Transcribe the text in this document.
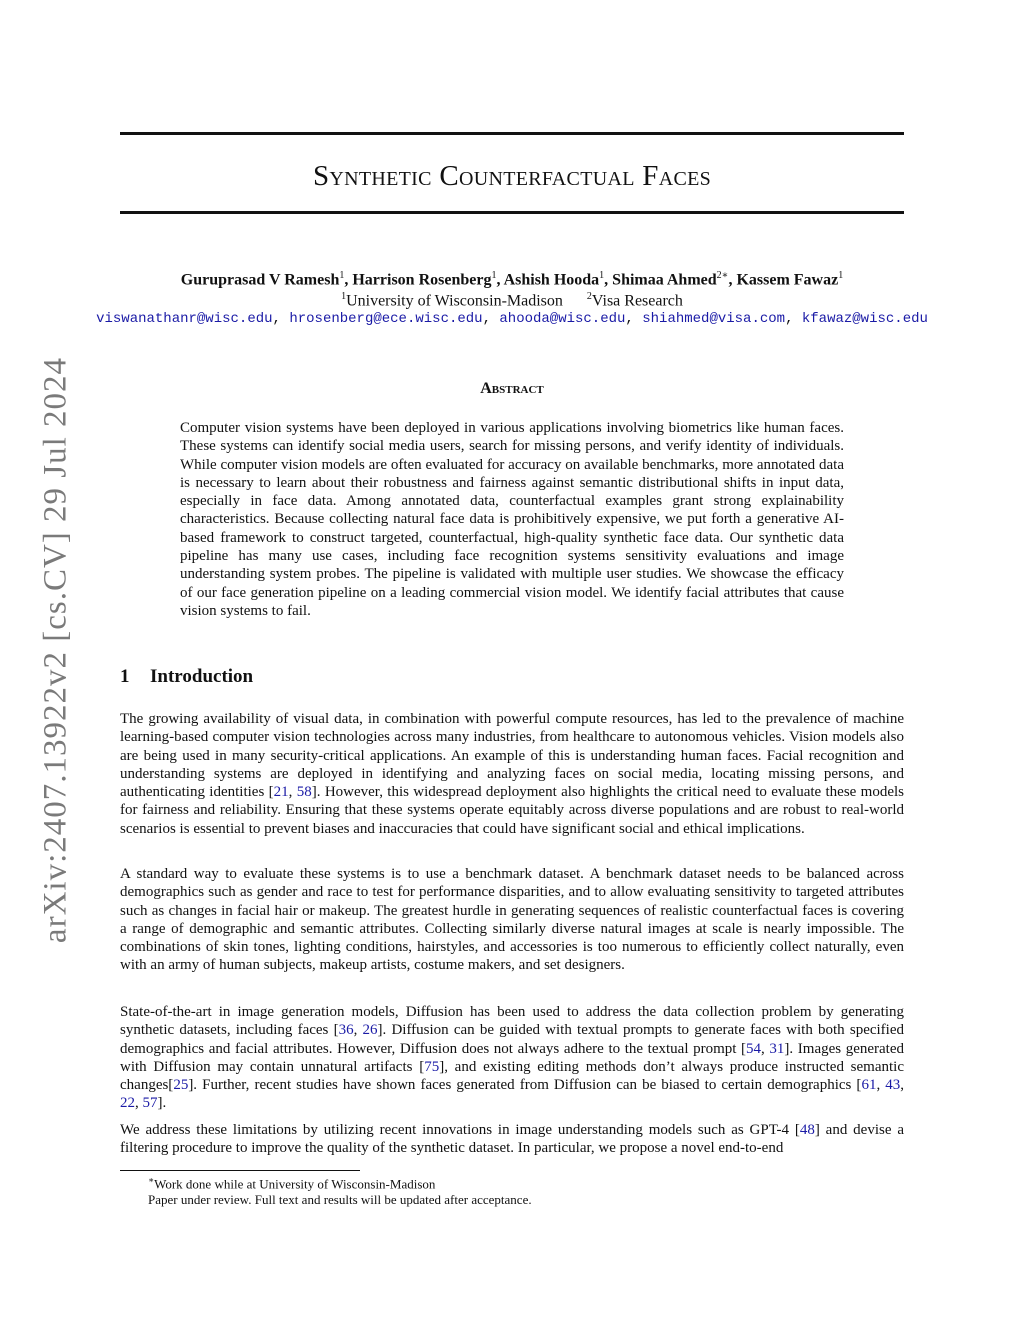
Synthetic Counterfactual Faces
Guruprasad V Ramesh$^1$, Harrison Rosenberg$^1$, Ashish Hooda$^1$, Shimaa Ahmed$^{2∗}$, Kassem Fawaz$^1$
$^1$University of Wisconsin-Madison   $^2$Visa Research
viswanathanr@wisc.edu, hrosenberg@ece.wisc.edu, ahooda@wisc.edu, shiahmed@visa.com, kfawaz@wisc.edu
arXiv:2407.13922v2 [cs.CV] 29 Jul 2024	Abstract

Computer vision systems have been deployed in various applications involving biometrics like human faces. These systems can identify social media users, search for missing persons, and verify identity of individuals. While computer vision models are often evaluated for accuracy on available benchmarks, more annotated data is necessary to learn about their robustness and fairness against semantic distributional shifts in input data, especially in face data. Among annotated data, counterfactual examples grant strong explainability characteristics. Because collecting natural face data is prohibitively expensive, we put forth a generative AI-based framework to construct targeted, counterfactual, high-quality synthetic face data. Our synthetic data pipeline has many use cases, including face recognition systems sensitivity evaluations and image understanding system probes. The pipeline is validated with multiple user studies. We showcase the efficacy of our face generation pipeline on a leading commercial vision model. We identify facial attributes that cause vision systems to fail.

1 Introduction

The growing availability of visual data, in combination with powerful compute resources, has led to the prevalence of machine learning-based computer vision technologies across many industries, from healthcare to autonomous vehicles. Vision models also are being used in many security-critical applications. An example of this is understanding human faces. Facial recognition and understanding systems are deployed in identifying and analyzing faces on social media, locating missing persons, and authenticating identities [21, 58]. However, this widespread deployment also highlights the critical need to evaluate these models for fairness and reliability. Ensuring that these systems operate equitably across diverse populations and are robust to real-world scenarios is essential to prevent biases and inaccuracies that could have significant social and ethical implications.

A standard way to evaluate these systems is to use a benchmark dataset. A benchmark dataset needs to be balanced across demographics such as gender and race to test for performance disparities, and to allow evaluating sensitivity to targeted attributes such as changes in facial hair or makeup. The greatest hurdle in generating sequences of realistic counterfactual faces is covering a range of demographic and semantic attributes. Collecting similarly diverse natural images at scale is nearly impossible. The combinations of skin tones, lighting conditions, hairstyles, and accessories is too numerous to efficiently collect naturally, even with an army of human subjects, makeup artists, costume makers, and set designers.

State-of-the-art in image generation models, Diffusion has been used to address the data collection problem by generating synthetic datasets, including faces [36, 26]. Diffusion can be guided with textual prompts to generate faces with both specified demographics and facial attributes. However, Diffusion does not always adhere to the textual prompt [54, 31]. Images generated with Diffusion may contain unnatural artifacts [75], and existing editing methods don’t always produce instructed semantic changes[25]. Further, recent studies have shown faces generated from Diffusion can be biased to certain demographics [61, 43, 22, 57].

We address these limitations by utilizing recent innovations in image understanding models such as GPT-4 [48] and devise a filtering procedure to improve the quality of the synthetic dataset. In particular, we propose a novel end-to-end

∗Work done while at University of Wisconsin-Madison

Paper under review. Full text and results will be updated after acceptance.
